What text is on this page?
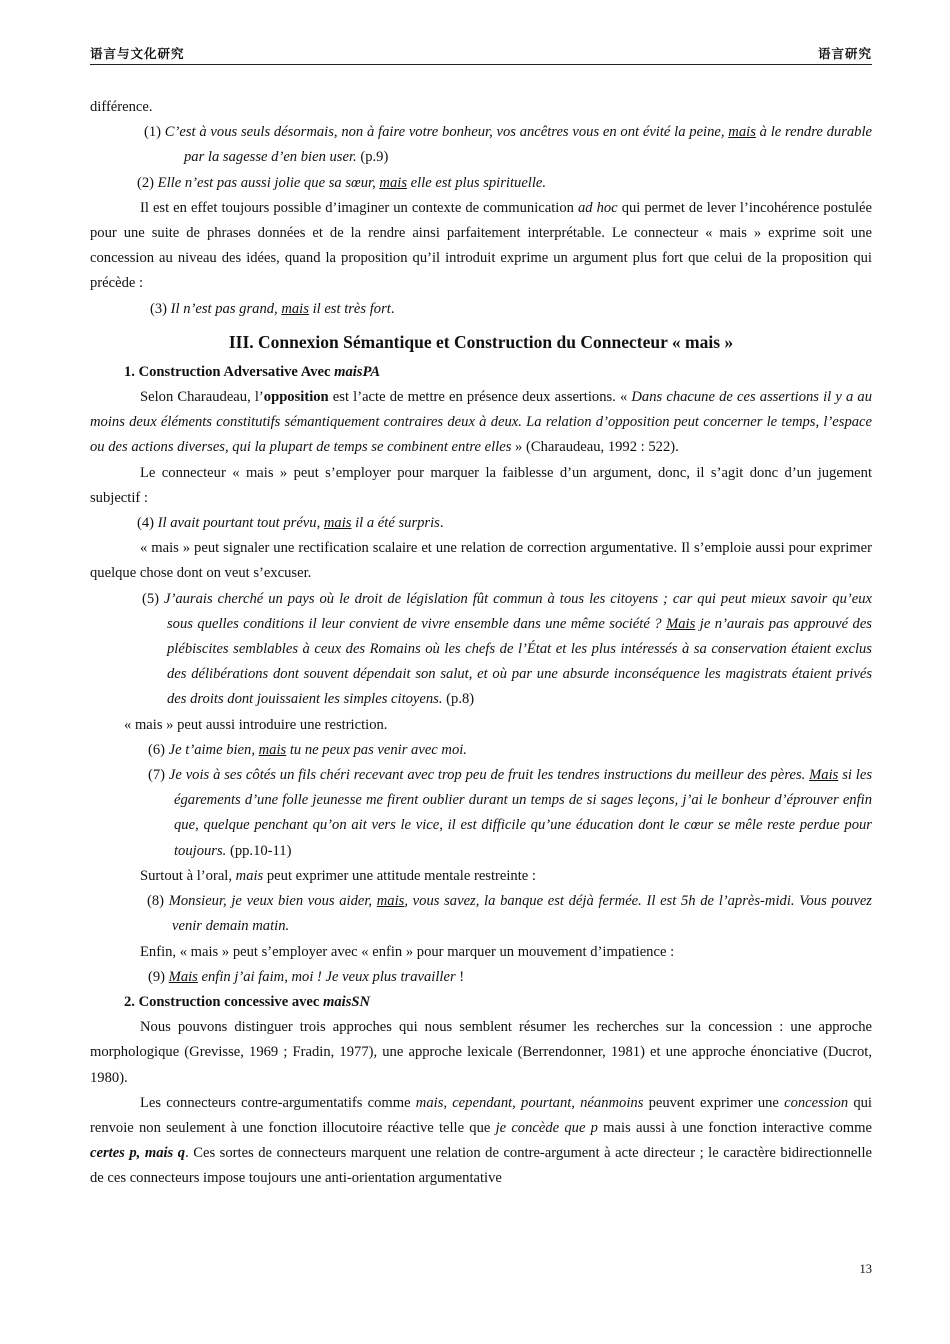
语言与文化研究	语言研究

différence.

(1) C’est à vous seuls désormais, non à faire votre bonheur, vos ancêtres vous en ont évité la peine, mais à le rendre durable par la sagesse d’en bien user. (p.9)

(2) Elle n’est pas aussi jolie que sa sœur, mais elle est plus spirituelle.

Il est en effet toujours possible d’imaginer un contexte de communication ad hoc qui permet de lever l’incohérence postulée pour une suite de phrases données et de la rendre ainsi parfaitement interprétable. Le connecteur « mais » exprime soit une concession au niveau des idées, quand la proposition qu’il introduit exprime un argument plus fort que celui de la proposition qui précède :

(3) Il n’est pas grand, mais il est très fort.

III. Connexion Sémantique et Construction du Connecteur « mais »

1. Construction Adversative Avec maisPA

Selon Charaudeau, l’opposition est l’acte de mettre en présence deux assertions. « Dans chacune de ces assertions il y a au moins deux éléments constitutifs sémantiquement contraires deux à deux. La relation d’opposition peut concerner le temps, l’espace ou des actions diverses, qui la plupart de temps se combinent entre elles » (Charaudeau, 1992 : 522).

Le connecteur « mais » peut s’employer pour marquer la faiblesse d’un argument, donc, il s’agit donc d’un jugement subjectif :

(4) Il avait pourtant tout prévu, mais il a été surpris.

« mais » peut signaler une rectification scalaire et une relation de correction argumentative. Il s’emploie aussi pour exprimer quelque chose dont on veut s’excuser.

(5) J’aurais cherché un pays où le droit de législation fût commun à tous les citoyens ; car qui peut mieux savoir qu’eux sous quelles conditions il leur convient de vivre ensemble dans une même société ? Mais je n’aurais pas approuvé des plébiscites semblables à ceux des Romains où les chefs de l’État et les plus intéressés à sa conservation étaient exclus des délibérations dont souvent dépendait son salut, et où par une absurde inconséquence les magistrats étaient privés des droits dont jouissaient les simples citoyens. (p.8)

« mais » peut aussi introduire une restriction.

(6) Je t’aime bien, mais tu ne peux pas venir avec moi.

(7) Je vois à ses côtés un fils chéri recevant avec trop peu de fruit les tendres instructions du meilleur des pères. Mais si les égarements d’une folle jeunesse me firent oublier durant un temps de si sages leçons, j’ai le bonheur d’éprouver enfin que, quelque penchant qu’on ait vers le vice, il est difficile qu’une éducation dont le cœur se mêle reste perdue pour toujours. (pp.10-11)

Surtout à l’oral, mais peut exprimer une attitude mentale restreinte :

(8) Monsieur, je veux bien vous aider, mais, vous savez, la banque est déjà fermée. Il est 5h de l’après-midi. Vous pouvez venir demain matin.

Enfin, « mais » peut s’employer avec « enfin » pour marquer un mouvement d’impatience :

(9) Mais enfin j’ai faim, moi ! Je veux plus travailler !

2. Construction concessive avec maisSN

Nous pouvons distinguer trois approches qui nous semblent résumer les recherches sur la concession : une approche morphologique (Grevisse, 1969 ; Fradin, 1977), une approche lexicale (Berrendonner, 1981) et une approche énonciative (Ducrot, 1980).

Les connecteurs contre-argumentatifs comme mais, cependant, pourtant, néanmoins peuvent exprimer une concession qui renvoie non seulement à une fonction illocutoire réactive telle que je concède que p mais aussi à une fonction interactive comme certes p, mais q. Ces sortes de connecteurs marquent une relation de contre-argument à acte directeur ; le caractère bidirectionnelle de ces connecteurs impose toujours une anti-orientation argumentative

13
